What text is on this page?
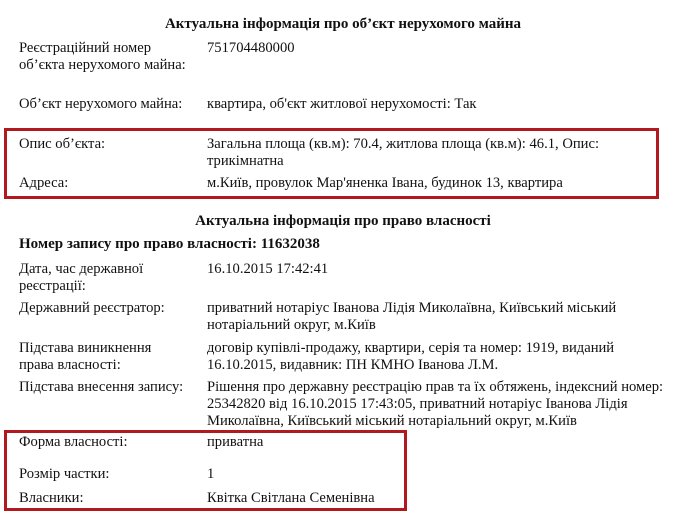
Актуальна інформація про об’єкт нерухомого майна
Реєстраційний номер об’єкта нерухомого майна:
751704480000
Об’єкт нерухомого майна:	квартира, об'єкт житлової нерухомості: Так
Опис об’єкта:	Загальна площа (кв.м): 70.4, житлова площа (кв.м): 46.1, Опис: трикімнатна
Адреса:	м.Київ, провулок Мар'яненка Івана, будинок 13, квартира
Актуальна інформація про право власності
Номер запису про право власності: 11632038
Дата, час державної реєстрації:
16.10.2015 17:42:41
Державний реєстратор:	приватний нотаріус Іванова Лідія Миколаївна, Київський міський нотаріальний округ, м.Київ
Підстава виникнення права власності:
договір купівлі-продажу, квартири, серія та номер: 1919, виданий 16.10.2015, видавник: ПН КМНО Іванова Л.М.
Підстава внесення запису:	Рішення про державну реєстрацію прав та їх обтяжень, індексний номер: 25342820 від 16.10.2015 17:43:05, приватний нотаріус Іванова Лідія Миколаївна, Київський міський нотаріальний округ, м.Київ
Форма власності:	приватна
Розмір частки:	1
Власники:	Квітка Світлана Семенівна
